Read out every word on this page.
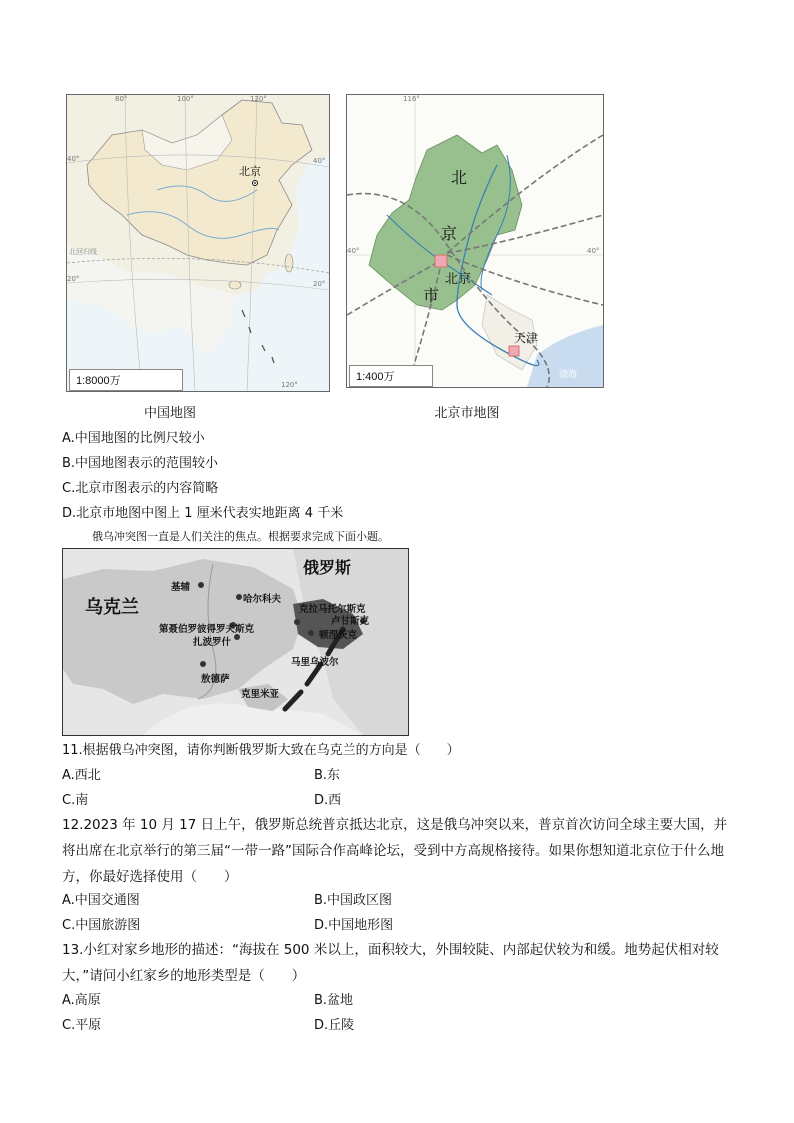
北京
北回归线
80°	100°	120°
40°
20°
40°
20°
120°
1:8000万
中国地图
北
京
市
北京
天津
渤海
116°
40°	40°
1:400万
北京市地图
A.中国地图的比例尺较小
B.中国地图表示的范围较小
C.北京市图表示的内容简略
D.北京市地图中图上 1 厘米代表实地距离 4 千米
俄乌冲突图一直是人们关注的焦点。根据要求完成下面小题。
俄罗斯
乌克兰
基辅
哈尔科夫
克拉马托尔斯克
卢甘斯克
顿涅茨克
第聂伯罗彼得罗夫斯克
扎波罗什
马里乌波尔
敖德萨
克里米亚
11.根据俄乌冲突图，请你判断俄罗斯大致在乌克兰的方向是（　　）
A.西北	B.东
C.南	D.西
12.2023 年 10 月 17 日上午，俄罗斯总统普京抵达北京，这是俄乌冲突以来，普京首次访问全球主要大国，并将出席在北京举行的第三届“一带一路”国际合作高峰论坛，受到中方高规格接待。如果你想知道北京位于什么地方，你最好选择使用（　　）
A.中国交通图	B.中国政区图
C.中国旅游图	D.中国地形图
13.小红对家乡地形的描述：“海拔在 500 米以上，面积较大，外围较陡、内部起伏较为和缓。地势起伏相对较大，”请问小红家乡的地形类型是（　　）
A.高原	B.盆地
C.平原	D.丘陵
